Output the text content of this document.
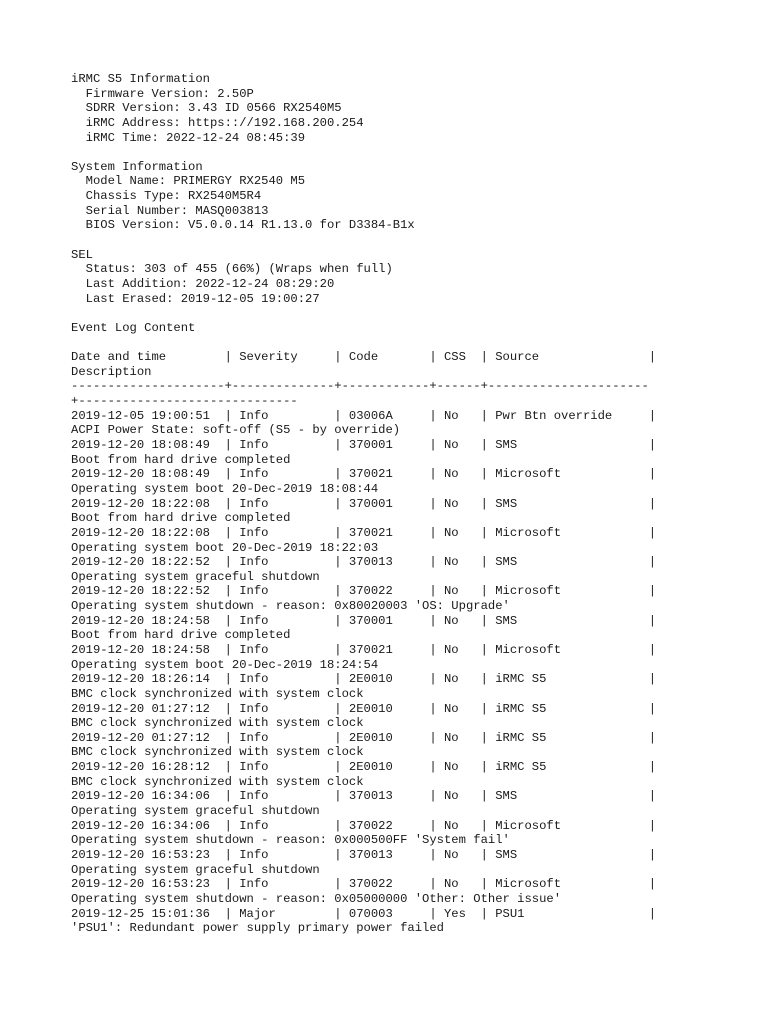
iRMC S5 Information
Firmware Version: 2.50P
SDRR Version: 3.43 ID 0566 RX2540M5
iRMC Address: https:://192.168.200.254
iRMC Time: 2022-12-24 08:45:39
System Information
Model Name: PRIMERGY RX2540 M5
Chassis Type: RX2540M5R4
Serial Number: MASQ003813
BIOS Version: V5.0.0.14 R1.13.0 for D3384-B1x
SEL
Status: 303 of 455 (66%) (Wraps when full)
Last Addition: 2022-12-24 08:29:20
Last Erased: 2019-12-05 19:00:27
Event Log Content
Date and time        | Severity     | Code       | CSS  | Source               |
Description
---------------------+--------------+------------+------+----------------------
+------------------------------
2019-12-05 19:00:51  | Info         | 03006A     | No   | Pwr Btn override     |
ACPI Power State: soft-off (S5 - by override)
2019-12-20 18:08:49  | Info         | 370001     | No   | SMS                  |
Boot from hard drive completed
2019-12-20 18:08:49  | Info         | 370021     | No   | Microsoft            |
Operating system boot 20-Dec-2019 18:08:44
2019-12-20 18:22:08  | Info         | 370001     | No   | SMS                  |
Boot from hard drive completed
2019-12-20 18:22:08  | Info         | 370021     | No   | Microsoft            |
Operating system boot 20-Dec-2019 18:22:03
2019-12-20 18:22:52  | Info         | 370013     | No   | SMS                  |
Operating system graceful shutdown
2019-12-20 18:22:52  | Info         | 370022     | No   | Microsoft            |
Operating system shutdown - reason: 0x80020003 'OS: Upgrade'
2019-12-20 18:24:58  | Info         | 370001     | No   | SMS                  |
Boot from hard drive completed
2019-12-20 18:24:58  | Info         | 370021     | No   | Microsoft            |
Operating system boot 20-Dec-2019 18:24:54
2019-12-20 18:26:14  | Info         | 2E0010     | No   | iRMC S5              |
BMC clock synchronized with system clock
2019-12-20 01:27:12  | Info         | 2E0010     | No   | iRMC S5              |
BMC clock synchronized with system clock
2019-12-20 01:27:12  | Info         | 2E0010     | No   | iRMC S5              |
BMC clock synchronized with system clock
2019-12-20 16:28:12  | Info         | 2E0010     | No   | iRMC S5              |
BMC clock synchronized with system clock
2019-12-20 16:34:06  | Info         | 370013     | No   | SMS                  |
Operating system graceful shutdown
2019-12-20 16:34:06  | Info         | 370022     | No   | Microsoft            |
Operating system shutdown - reason: 0x000500FF 'System fail'
2019-12-20 16:53:23  | Info         | 370013     | No   | SMS                  |
Operating system graceful shutdown
2019-12-20 16:53:23  | Info         | 370022     | No   | Microsoft            |
Operating system shutdown - reason: 0x05000000 'Other: Other issue'
2019-12-25 15:01:36  | Major        | 070003     | Yes  | PSU1                 |
'PSU1': Redundant power supply primary power failed
